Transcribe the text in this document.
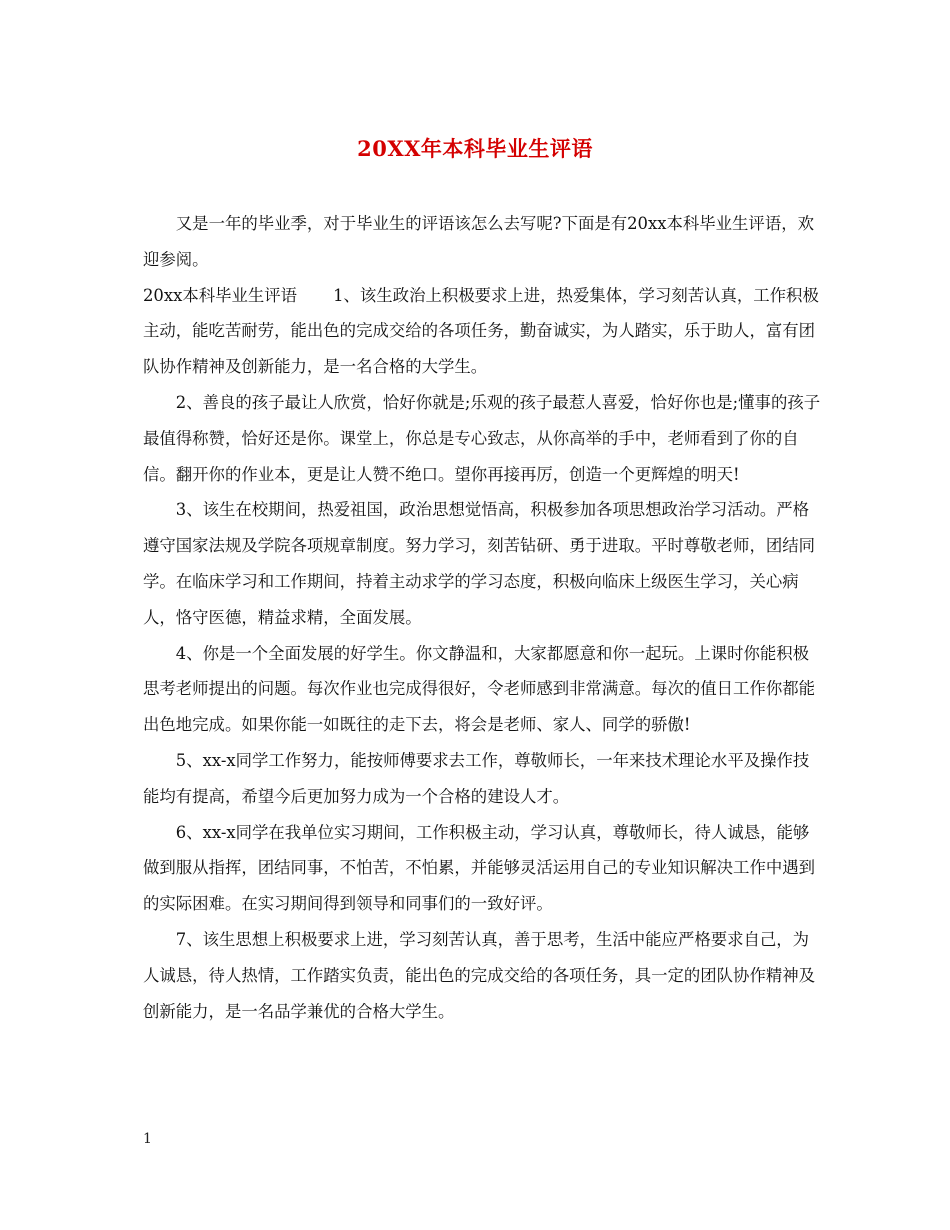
20XX年本科毕业生评语

又是一年的毕业季，对于毕业生的评语该怎么去写呢?下面是有20xx本科毕业生评语，欢迎参阅。

20xx本科毕业生评语 1、该生政治上积极要求上进，热爱集体，学习刻苦认真，工作积极主动，能吃苦耐劳，能出色的完成交给的各项任务，勤奋诚实，为人踏实，乐于助人，富有团队协作精神及创新能力，是一名合格的大学生。

2、善良的孩子最让人欣赏，恰好你就是;乐观的孩子最惹人喜爱，恰好你也是;懂事的孩子最值得称赞，恰好还是你。课堂上，你总是专心致志，从你高举的手中，老师看到了你的自信。翻开你的作业本，更是让人赞不绝口。望你再接再厉，创造一个更辉煌的明天!

3、该生在校期间，热爱祖国，政治思想觉悟高，积极参加各项思想政治学习活动。严格遵守国家法规及学院各项规章制度。努力学习，刻苦钻研、勇于进取。平时尊敬老师，团结同学。在临床学习和工作期间，持着主动求学的学习态度，积极向临床上级医生学习，关心病人，恪守医德，精益求精，全面发展。

4、你是一个全面发展的好学生。你文静温和，大家都愿意和你一起玩。上课时你能积极思考老师提出的问题。每次作业也完成得很好，令老师感到非常满意。每次的值日工作你都能出色地完成。如果你能一如既往的走下去，将会是老师、家人、同学的骄傲!

5、xx-x同学工作努力，能按师傅要求去工作，尊敬师长，一年来技术理论水平及操作技能均有提高，希望今后更加努力成为一个合格的建设人才。

6、xx-x同学在我单位实习期间，工作积极主动，学习认真，尊敬师长，待人诚恳，能够做到服从指挥，团结同事，不怕苦，不怕累，并能够灵活运用自己的专业知识解决工作中遇到的实际困难。在实习期间得到领导和同事们的一致好评。

7、该生思想上积极要求上进，学习刻苦认真，善于思考，生活中能应严格要求自己，为人诚恳，待人热情，工作踏实负责，能出色的完成交给的各项任务，具一定的团队协作精神及创新能力，是一名品学兼优的合格大学生。

1
